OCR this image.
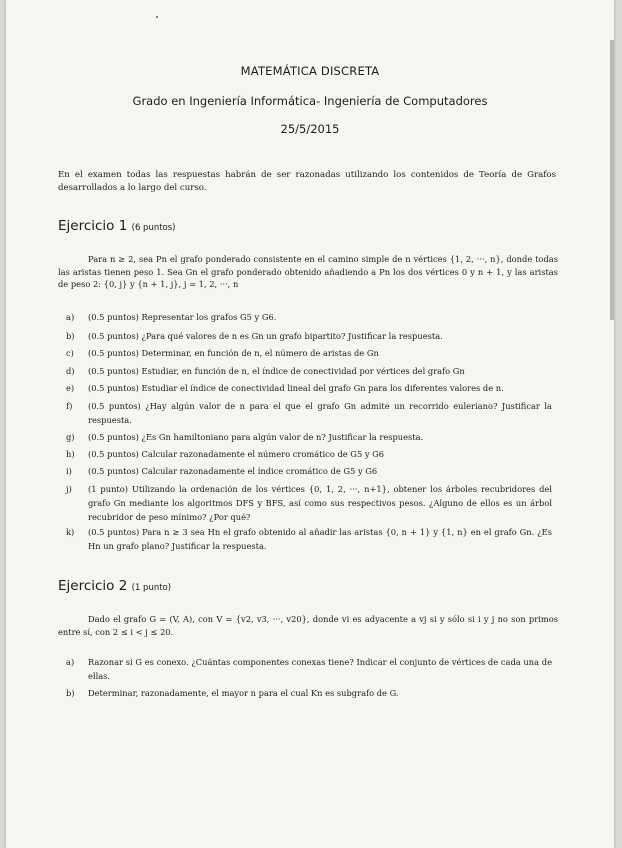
MATEMÁTICA DISCRETA
Grado en Ingeniería Informática- Ingeniería de Computadores
25/5/2015
En el examen todas las respuestas habrán de ser razonadas utilizando los contenidos de Teoría de Grafos desarrollados a lo largo del curso.
Ejercicio 1 (6 puntos)
Para n ≥ 2, sea Pn el grafo ponderado consistente en el camino simple de n vértices {1, 2, ···, n}, donde todas las aristas tienen peso 1. Sea Gn el grafo ponderado obtenido añadiendo a Pn los dos vértices 0 y n + 1, y las aristas de peso 2: {0, j} y {n + 1, j}, j = 1, 2, ···, n
a)	(0.5 puntos) Representar los grafos G5 y G6.
b)	(0.5 puntos) ¿Para qué valores de n es Gn un grafo bipartito? Justificar la respuesta.
c)	(0.5 puntos) Determinar, en función de n, el número de aristas de Gn
d)	(0.5 puntos) Estudiar, en función de n, el índice de conectividad por vértices del grafo Gn
e)	(0.5 puntos) Estudiar el índice de conectividad lineal del grafo Gn para los diferentes valores de n.
f)	(0.5 puntos) ¿Hay algún valor de n para el que el grafo Gn admite un recorrido euleriano? Justificar la respuesta.
g)	(0.5 puntos) ¿Es Gn hamiltoniano para algún valor de n? Justificar la respuesta.
h)	(0.5 puntos) Calcular razonadamente el número cromático de G5 y G6
i)	(0.5 puntos) Calcular razonadamente el índice cromático de G5 y G6
j)	(1 punto) Utilizando la ordenación de los vértices {0, 1, 2, ···, n+1}, obtener los árboles recubridores del grafo Gn mediante los algoritmos DFS y BFS, así como sus respectivos pesos. ¿Alguno de ellos es un árbol recubridor de peso mínimo? ¿Por qué?
k)	(0.5 puntos) Para n ≥ 3 sea Hn el grafo obtenido al añadir las aristas {0, n + 1} y {1, n} en el grafo Gn. ¿Es Hn un grafo plano? Justificar la respuesta.
Ejercicio 2 (1 punto)
Dado el grafo G = (V, A), con V = {v2, v3, ···, v20}, donde vi es adyacente a vj si y sólo si i y j no son primos entre sí, con 2 ≤ i < j ≤ 20.
a)	Razonar si G es conexo. ¿Cuántas componentes conexas tiene? Indicar el conjunto de vértices de cada una de ellas.
b)	Determinar, razonadamente, el mayor n para el cual Kn es subgrafo de G.
